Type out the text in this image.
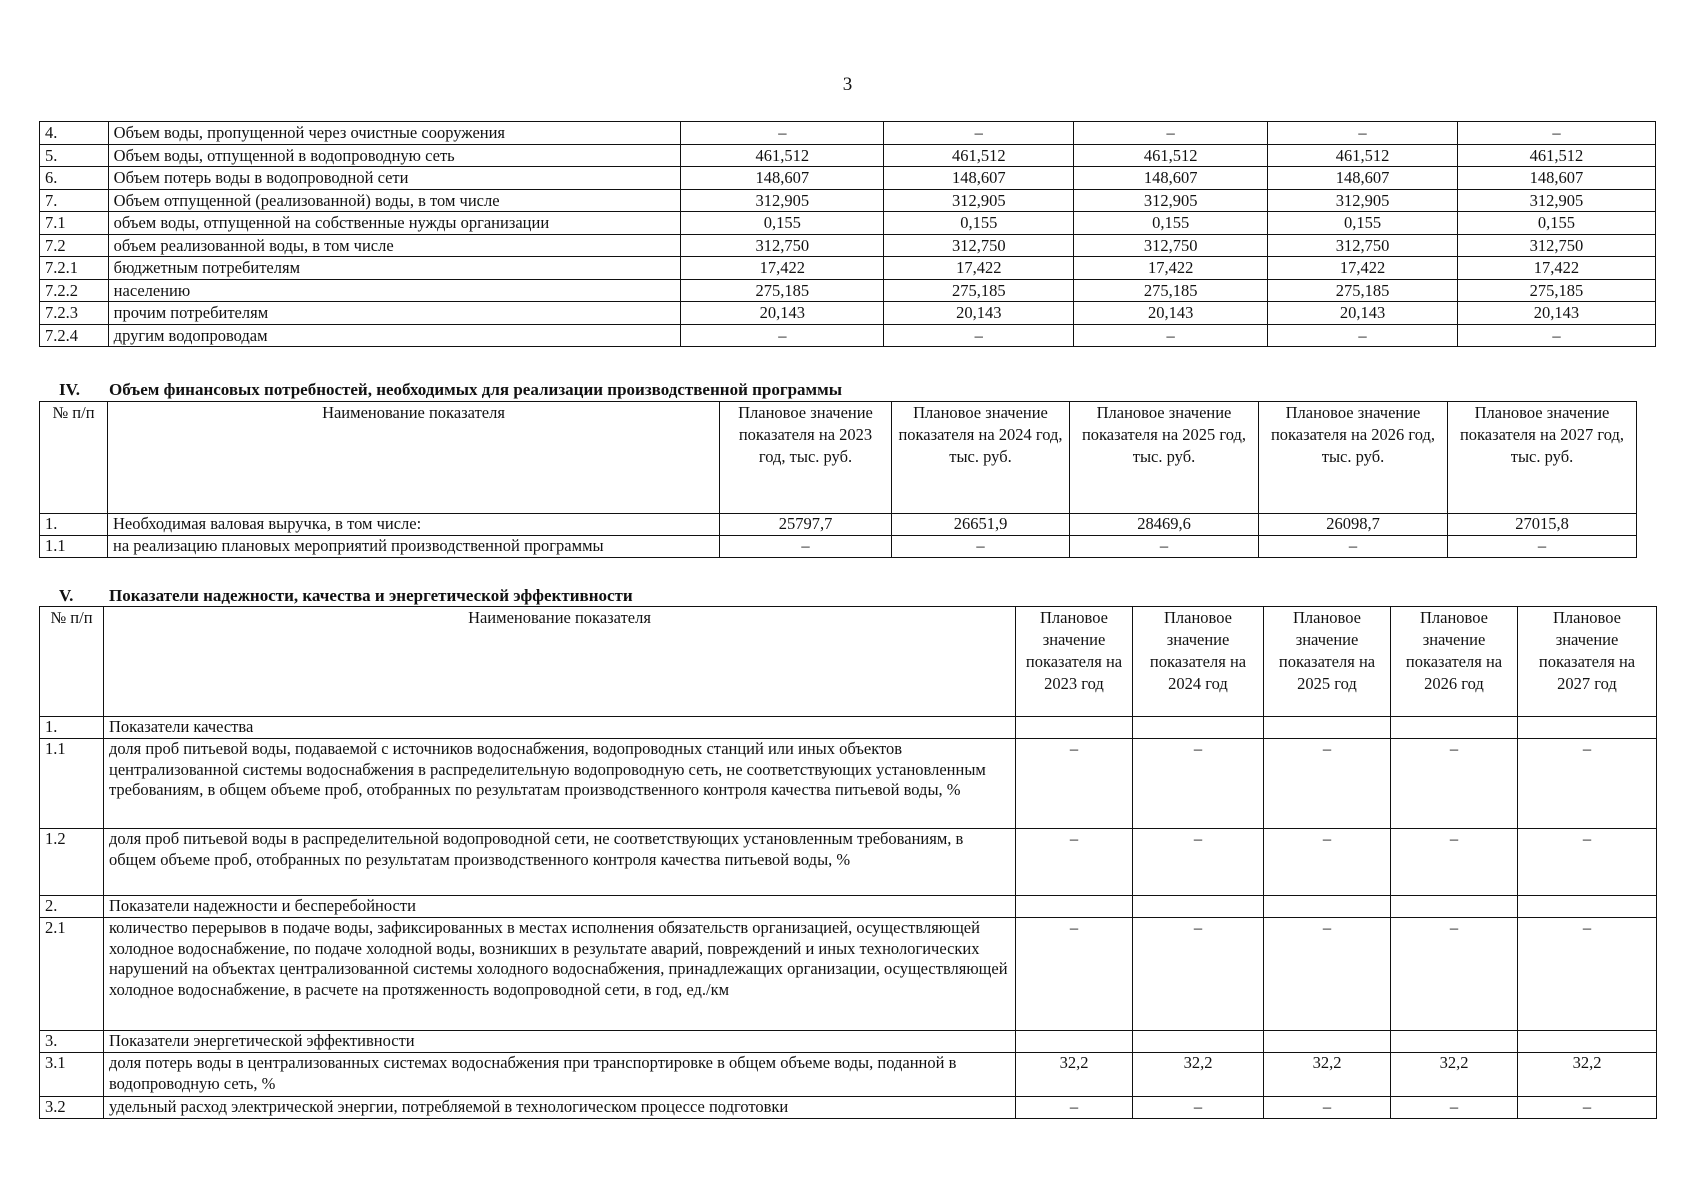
3
4.	Объем воды, пропущенной через очистные сооружения	–	–	–	–	–
5.	Объем воды, отпущенной в водопроводную сеть	461,512	461,512	461,512	461,512	461,512
6.	Объем потерь воды в водопроводной сети	148,607	148,607	148,607	148,607	148,607
7.	Объем отпущенной (реализованной) воды, в том числе	312,905	312,905	312,905	312,905	312,905
7.1	объем воды, отпущенной на собственные нужды организации	0,155	0,155	0,155	0,155	0,155
7.2	объем реализованной воды, в том числе	312,750	312,750	312,750	312,750	312,750
7.2.1	бюджетным потребителям	17,422	17,422	17,422	17,422	17,422
7.2.2	населению	275,185	275,185	275,185	275,185	275,185
7.2.3	прочим потребителям	20,143	20,143	20,143	20,143	20,143
7.2.4	другим водопроводам	–	–	–	–	–
IV. Объем финансовых потребностей, необходимых для реализации производственной программы
№ п/п	Наименование показателя	Плановое значение показателя на 2023 год, тыс. руб.	Плановое значение показателя на 2024 год, тыс. руб.	Плановое значение показателя на 2025 год, тыс. руб.	Плановое значение показателя на 2026 год, тыс. руб.	Плановое значение показателя на 2027 год, тыс. руб.
1.	Необходимая валовая выручка, в том числе:	25797,7	26651,9	28469,6	26098,7	27015,8
1.1	на реализацию плановых мероприятий производственной программы	–	–	–	–	–
V. Показатели надежности, качества и энергетической эффективности
№ п/п	Наименование показателя	Плановое значение показателя на 2023 год	Плановое значение показателя на 2024 год	Плановое значение показателя на 2025 год	Плановое значение показателя на 2026 год	Плановое значение показателя на 2027 год
1.	Показатели качества					
1.1	доля проб питьевой воды, подаваемой с источников водоснабжения, водопроводных станций или иных объектов централизованной системы водоснабжения в распределительную водопроводную сеть, не соответствующих установленным требованиям, в общем объеме проб, отобранных по результатам производственного контроля качества питьевой воды, %	–	–	–	–	–
1.2	доля проб питьевой воды в распределительной водопроводной сети, не соответствующих установленным требованиям, в общем объеме проб, отобранных по результатам производственного контроля качества питьевой воды, %	–	–	–	–	–
2.	Показатели надежности и бесперебойности					
2.1	количество перерывов в подаче воды, зафиксированных в местах исполнения обязательств организацией, осуществляющей холодное водоснабжение, по подаче холодной воды, возникших в результате аварий, повреждений и иных технологических нарушений на объектах централизованной системы холодного водоснабжения, принадлежащих организации, осуществляющей холодное водоснабжение, в расчете на протяженность водопроводной сети, в год, ед./км	–	–	–	–	–
3.	Показатели энергетической эффективности					
3.1	доля потерь воды в централизованных системах водоснабжения при транспортировке в общем объеме воды, поданной в водопроводную сеть, %	32,2	32,2	32,2	32,2	32,2
3.2	удельный расход электрической энергии, потребляемой в технологическом процессе подготовки	–	–	–	–	–
